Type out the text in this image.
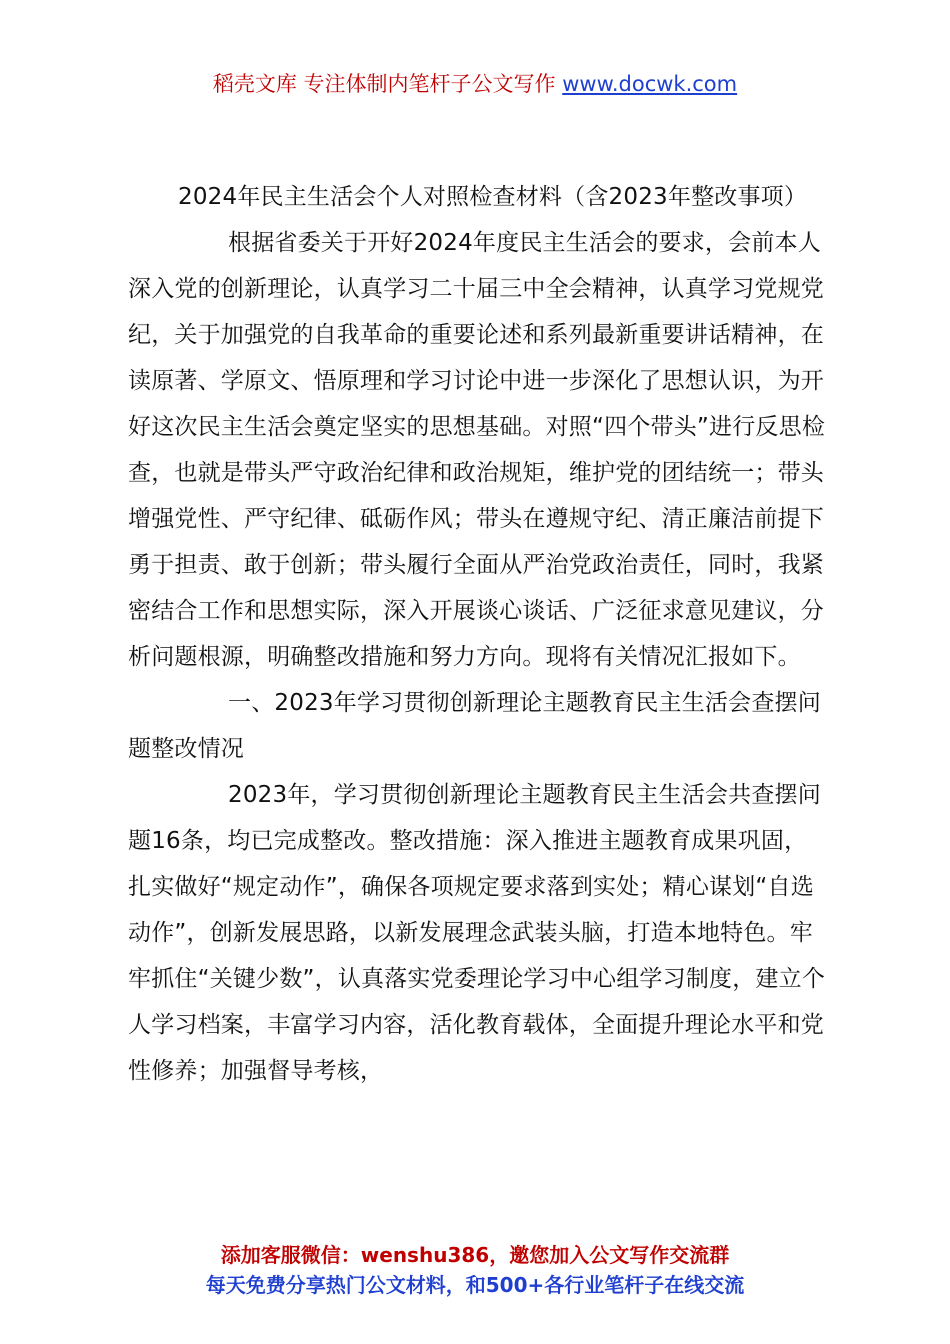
稻壳文库 专注体制内笔杆子公文写作 www.docwk.com

2024年民主生活会个人对照检查材料（含2023年整改事项）

根据省委关于开好2024年度民主生活会的要求，会前本人深入党的创新理论，认真学习二十届三中全会精神，认真学习党规党纪，关于加强党的自我革命的重要论述和系列最新重要讲话精神，在读原著、学原文、悟原理和学习讨论中进一步深化了思想认识，为开好这次民主生活会奠定坚实的思想基础。对照“四个带头”进行反思检查，也就是带头严守政治纪律和政治规矩，维护党的团结统一；带头增强党性、严守纪律、砥砺作风；带头在遵规守纪、清正廉洁前提下勇于担责、敢于创新；带头履行全面从严治党政治责任，同时，我紧密结合工作和思想实际，深入开展谈心谈话、广泛征求意见建议，分析问题根源，明确整改措施和努力方向。现将有关情况汇报如下。

一、2023年学习贯彻创新理论主题教育民主生活会查摆问题整改情况

2023年，学习贯彻创新理论主题教育民主生活会共查摆问题16条，均已完成整改。整改措施：深入推进主题教育成果巩固，扎实做好“规定动作”，确保各项规定要求落到实处；精心谋划“自选动作”，创新发展思路，以新发展理念武装头脑，打造本地特色。牢牢抓住“关键少数”，认真落实党委理论学习中心组学习制度，建立个人学习档案，丰富学习内容，活化教育载体，全面提升理论水平和党性修养；加强督导考核，

添加客服微信：wenshu386，邀您加入公文写作交流群
每天免费分享热门公文材料，和500+各行业笔杆子在线交流
